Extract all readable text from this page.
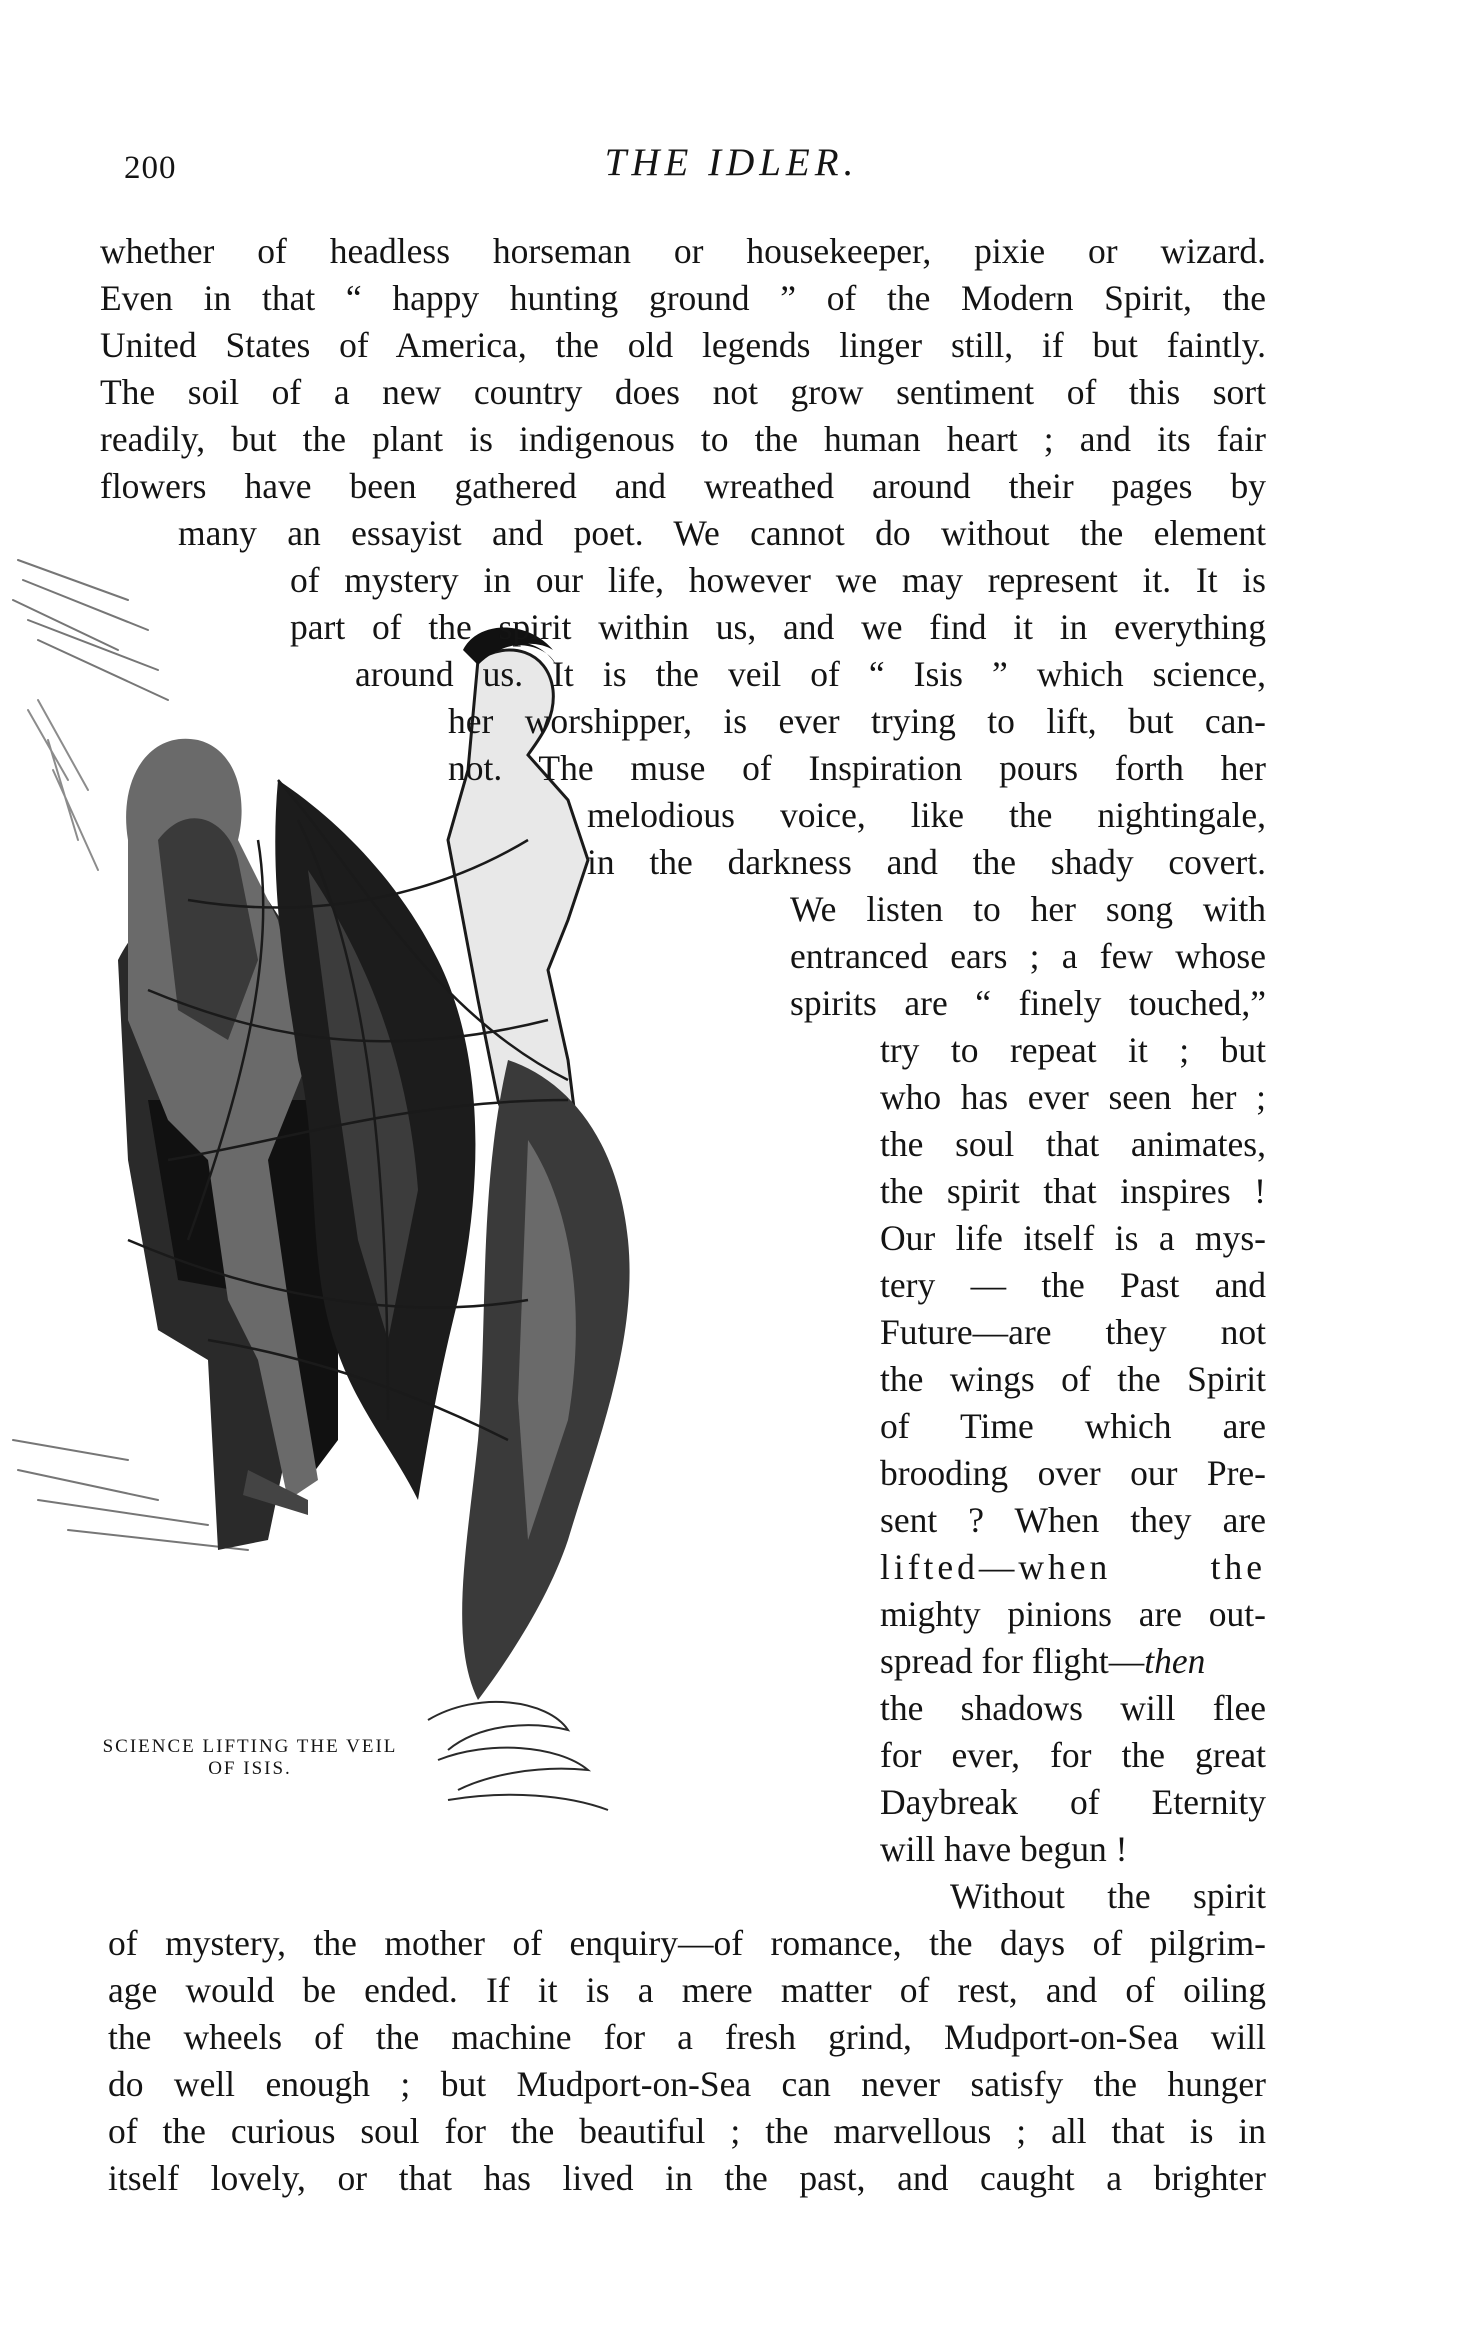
200	THE IDLER.
SCIENCE LIFTING THE VEIL
OF ISIS.
whether of headless horseman or housekeeper, pixie or wizard.
Even in that “ happy hunting ground ” of the Modern Spirit, the
United States of America, the old legends linger still, if but faintly.
The soil of a new country does not grow sentiment of this sort
readily, but the plant is indigenous to the human heart ; and its fair
flowers have been gathered and wreathed around their pages by
many an essayist and poet. We cannot do without the element
of mystery in our life, however we may represent it. It is
part of the spirit within us, and we find it in everything
around us. It is the veil of “ Isis ” which science,
her worshipper, is ever trying to lift, but can-
not. The muse of Inspiration pours forth her
melodious voice, like the nightingale,
in the darkness and the shady covert.
We listen to her song with
entranced ears ; a few whose
spirits are “ finely touched,”
try to repeat it ; but
who has ever seen her ;
the soul that animates,
the spirit that inspires !
Our life itself is a mys-
tery — the Past and
Future—are they not
the wings of the Spirit
of Time which are
brooding over our Pre-
sent ? When they are
lifted—when the
mighty pinions are out-
spread for flight—then
the shadows will flee
for ever, for the great
Daybreak of Eternity
will have begun !
Without the spirit
of mystery, the mother of enquiry—of romance, the days of pilgrim-
age would be ended. If it is a mere matter of rest, and of oiling
the wheels of the machine for a fresh grind, Mudport-on-Sea will
do well enough ; but Mudport-on-Sea can never satisfy the hunger
of the curious soul for the beautiful ; the marvellous ; all that is in
itself lovely, or that has lived in the past, and caught a brighter
